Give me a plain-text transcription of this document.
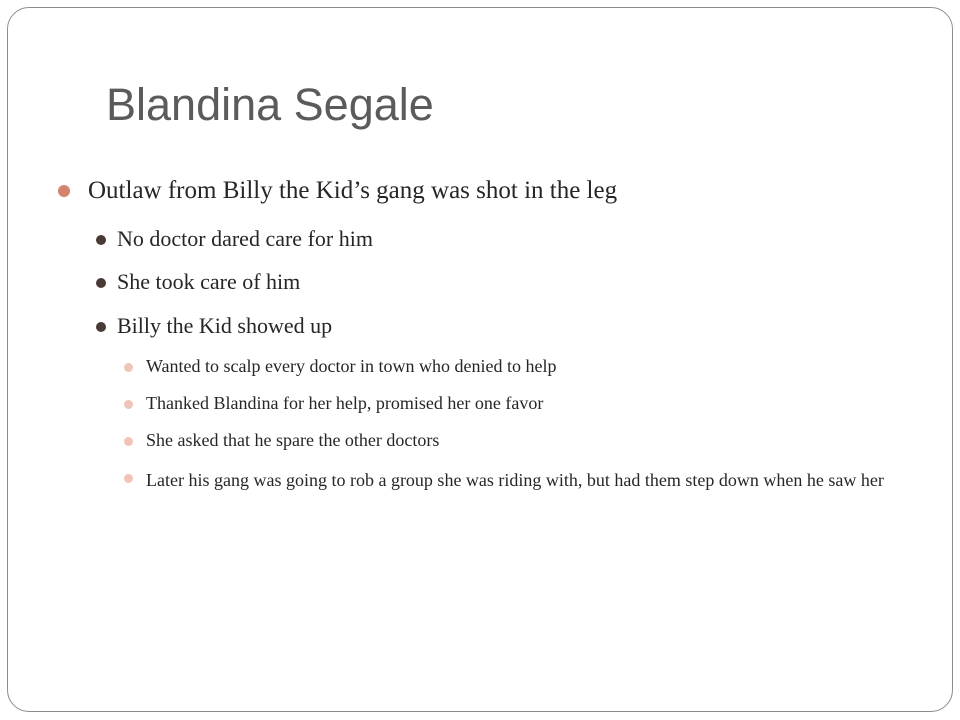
Blandina Segale
Outlaw from Billy the Kid’s gang was shot in the leg
No doctor dared care for him
She took care of him
Billy the Kid showed up
Wanted to scalp every doctor in town who denied to help
Thanked Blandina for her help, promised her one favor
She asked that he spare the other doctors
Later his gang was going to rob a group she was riding with, but had them step down when he saw her
